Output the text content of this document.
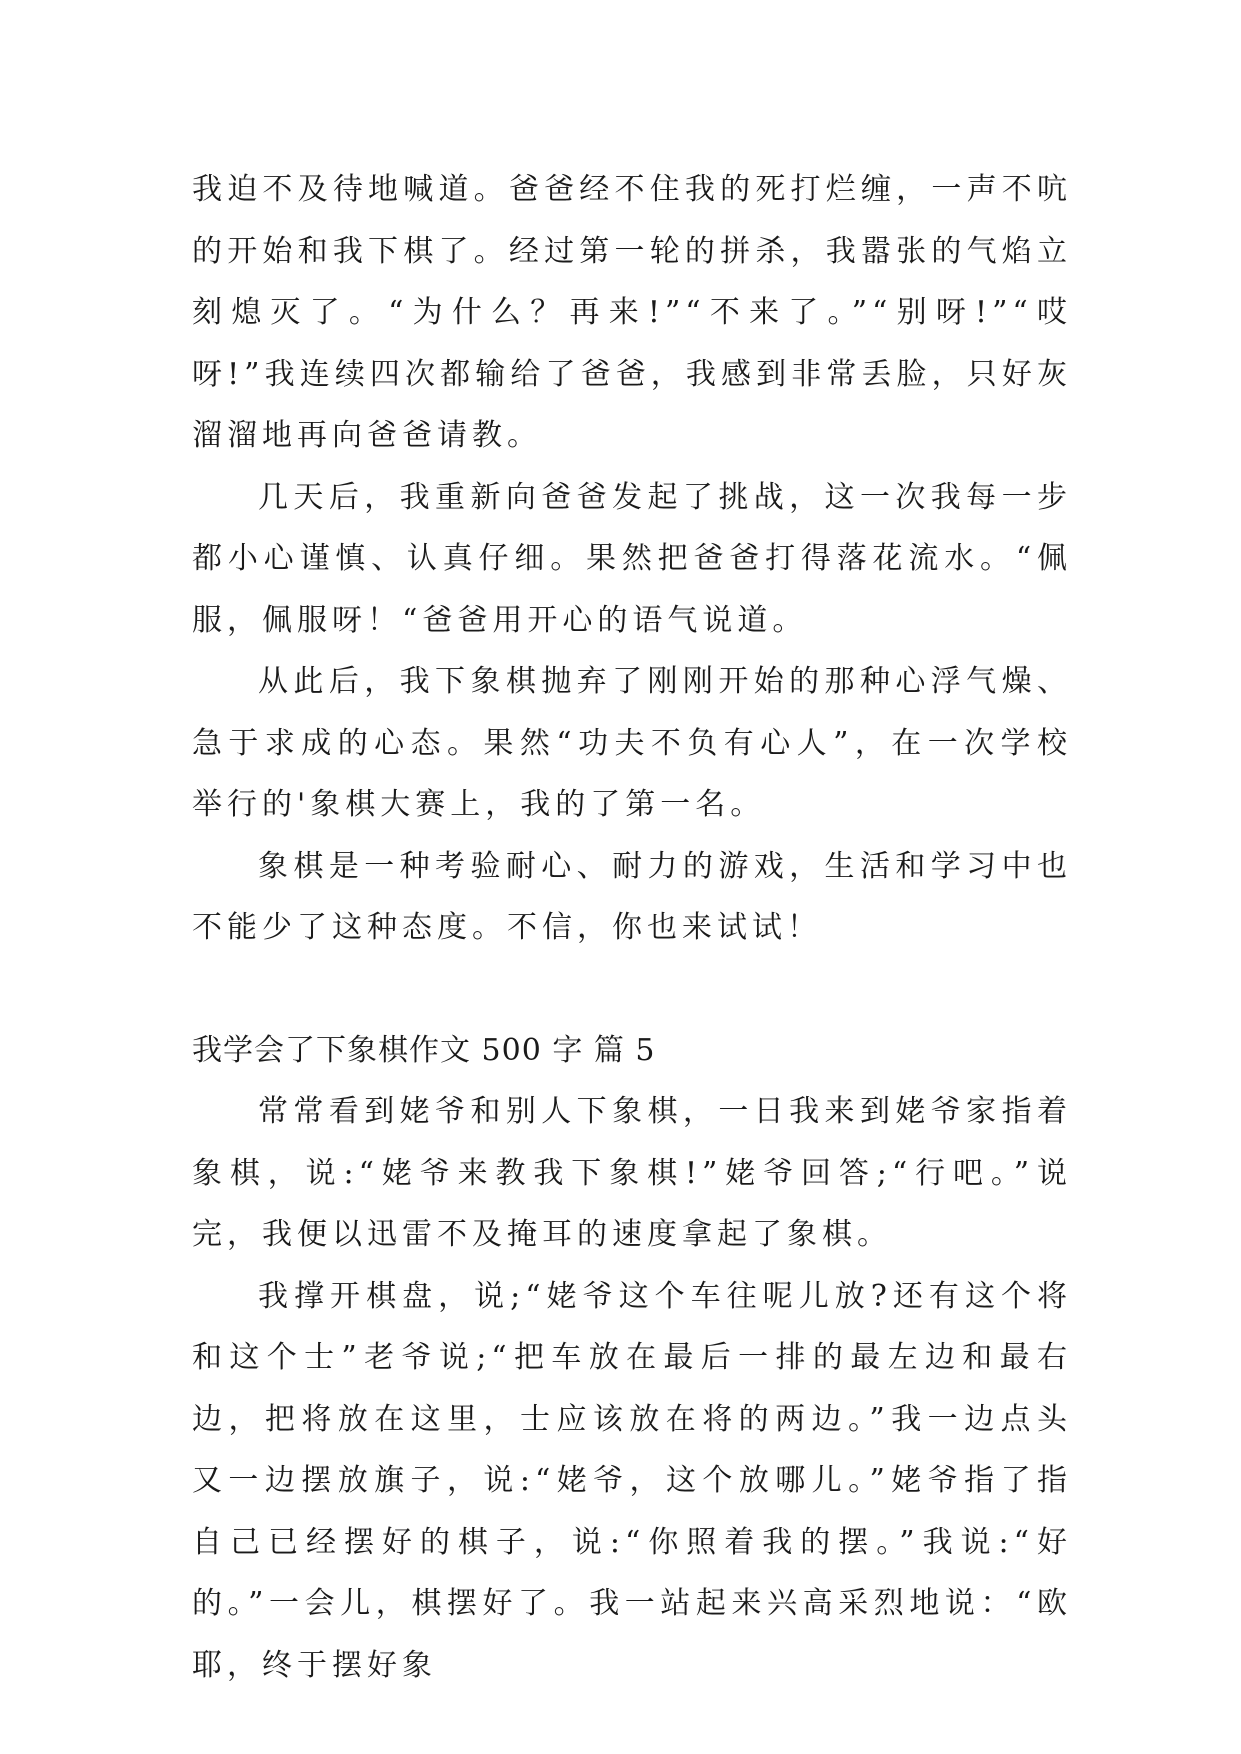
我迫不及待地喊道。爸爸经不住我的死打烂缠，一声不吭的开始和我下棋了。经过第一轮的拼杀，我嚣张的气焰立刻熄灭了。“为什么？再来!”“不来了。”“别呀!”“哎呀!”我连续四次都输给了爸爸，我感到非常丢脸，只好灰溜溜地再向爸爸请教。

几天后，我重新向爸爸发起了挑战，这一次我每一步都小心谨慎、认真仔细。果然把爸爸打得落花流水。“佩服，佩服呀！“爸爸用开心的语气说道。

从此后，我下象棋抛弃了刚刚开始的那种心浮气燥、急于求成的心态。果然“功夫不负有心人”，在一次学校举行的'象棋大赛上，我的了第一名。

象棋是一种考验耐心、耐力的游戏，生活和学习中也不能少了这种态度。不信，你也来试试！

我学会了下象棋作文 500 字 篇 5

常常看到姥爷和别人下象棋，一日我来到姥爷家指着象棋，说:“姥爷来教我下象棋!”姥爷回答;“行吧。”说完，我便以迅雷不及掩耳的速度拿起了象棋。

我撑开棋盘，说;“姥爷这个车往呢儿放?还有这个将和这个士”老爷说;“把车放在最后一排的最左边和最右边，把将放在这里，士应该放在将的两边。”我一边点头又一边摆放旗子，说:“姥爷，这个放哪儿。”姥爷指了指自己已经摆好的棋子，说:“你照着我的摆。”我说:“好的。”一会儿，棋摆好了。我一站起来兴高采烈地说：“欧耶，终于摆好象
